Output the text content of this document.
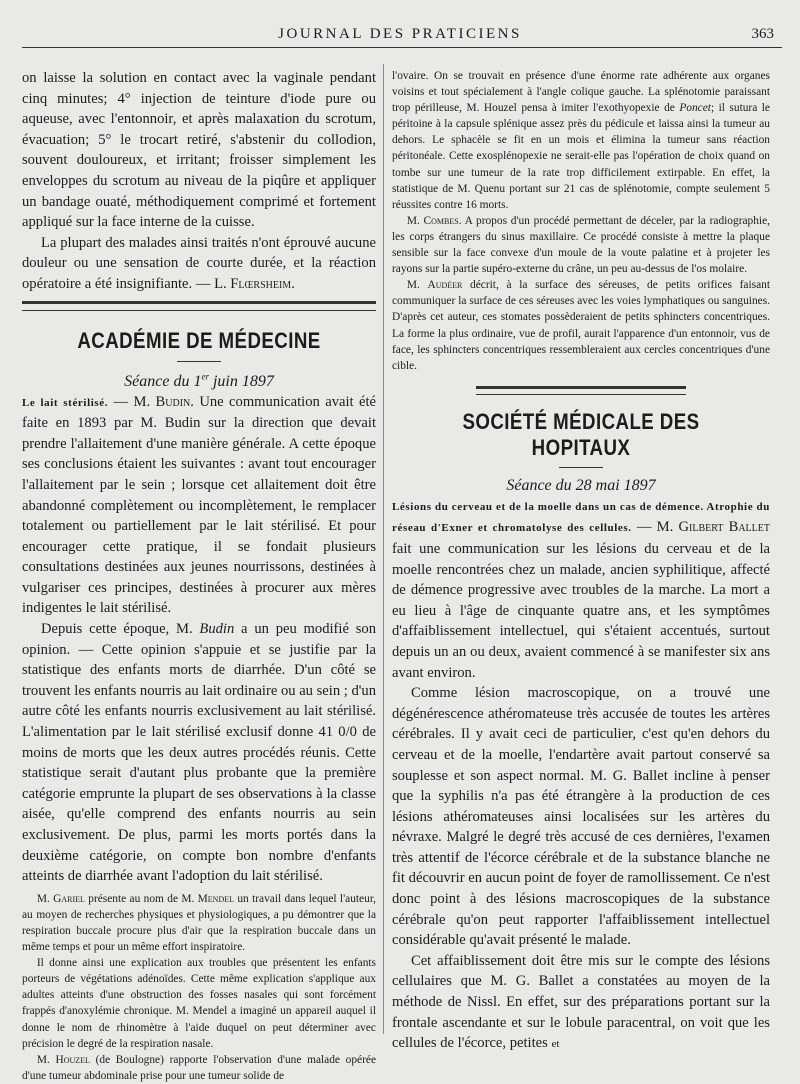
JOURNAL DES PRATICIENS	363

on laisse la solution en contact avec la vaginale pendant cinq minutes; 4° injection de teinture d'iode pure ou aqueuse, avec l'entonnoir, et après malaxation du scrotum, évacuation; 5° le trocart retiré, s'abstenir du collodion, souvent douloureux, et irritant; froisser simplement les enveloppes du scrotum au niveau de la piqûre et appliquer un bandage ouaté, méthodiquement comprimé et fortement appliqué sur la face interne de la cuisse.

La plupart des malades ainsi traités n'ont éprouvé aucune douleur ou une sensation de courte durée, et la réaction opératoire a été insignifiante. — L. Flœrsheim.

ACADÉMIE DE MÉDECINE

Séance du 1er juin 1897

Le lait stérilisé. — M. Budin. Une communication avait été faite en 1893 par M. Budin sur la direction que devait prendre l'allaitement d'une manière générale. A cette époque ses conclusions étaient les suivantes : avant tout encourager l'allaitement par le sein ; lorsque cet allaitement doit être abandonné complètement ou incomplètement, le remplacer totalement ou partiellement par le lait stérilisé. Et pour encourager cette pratique, il se fondait plusieurs consultations destinées aux jeunes nourrissons, destinées à vulgariser ces principes, destinées à procurer aux mères indigentes le lait stérilisé.

Depuis cette époque, M. Budin a un peu modifié son opinion. — Cette opinion s'appuie et se justifie par la statistique des enfants morts de diarrhée. D'un côté se trouvent les enfants nourris au lait ordinaire ou au sein ; d'un autre côté les enfants nourris exclusivement au lait stérilisé. L'alimentation par le lait stérilisé exclusif donne 41 0/0 de moins de morts que les deux autres procédés réunis. Cette statistique serait d'autant plus probante que la première catégorie emprunte la plupart de ses observations à la classe aisée, qu'elle comprend des enfants nourris au sein exclusivement. De plus, parmi les morts portés dans la deuxième catégorie, on compte bon nombre d'enfants atteints de diarrhée avant l'adoption du lait stérilisé.

M. Gariel présente au nom de M. Mendel un travail dans lequel l'auteur, au moyen de recherches physiques et physiologiques, a pu démontrer que la respiration buccale procure plus d'air que la respiration buccale dans un même temps et pour un même effort inspiratoire.

Il donne ainsi une explication aux troubles que présentent les enfants porteurs de végétations adénoïdes. Cette même explication s'applique aux adultes atteints d'une obstruction des fosses nasales qui sont forcément frappés d'anoxylémie chronique. M. Mendel a imaginé un appareil auquel il donne le nom de rhinomètre à l'aide duquel on peut déterminer avec précision le degré de la respiration nasale.

M. Houzel (de Boulogne) rapporte l'observation d'une malade opérée d'une tumeur abdominale prise pour une tumeur solide de

l'ovaire. On se trouvait en présence d'une énorme rate adhérente aux organes voisins et tout spécialement à l'angle colique gauche. La splénotomie paraissant trop périlleuse, M. Houzel pensa à imiter l'exothyopexie de Poncet; il sutura le péritoine à la capsule splénique assez près du pédicule et laissa ainsi la tumeur au dehors. Le sphacèle se fit en un mois et élimina la tumeur sans réaction péritonéale. Cette exosplénopexie ne serait-elle pas l'opération de choix quand on tombe sur une tumeur de la rate trop difficilement extirpable. En effet, la statistique de M. Quenu portant sur 21 cas de splénotomie, compte seulement 5 réussites contre 16 morts.

M. Combes. A propos d'un procédé permettant de déceler, par la radiographie, les corps étrangers du sinus maxillaire. Ce procédé consiste à mettre la plaque sensible sur la face convexe d'un moule de la voute palatine et à projeter les rayons sur la partie supéro-externe du crâne, un peu au-dessus de l'os molaire.

M. Audéer décrit, à la surface des séreuses, de petits orifices faisant communiquer la surface de ces séreuses avec les voies lymphatiques ou sanguines. D'après cet auteur, ces stomates possèderaient de petits sphincters concentriques. La forme la plus ordinaire, vue de profil, aurait l'apparence d'un entonnoir, vus de face, les sphincters concentriques ressembleraient aux cercles concentriques d'une cible.

SOCIÉTÉ MÉDICALE DES HOPITAUX

Séance du 28 mai 1897

Lésions du cerveau et de la moelle dans un cas de démence. Atrophie du réseau d'Exner et chromatolyse des cellules. — M. Gilbert Ballet fait une communication sur les lésions du cerveau et de la moelle rencontrées chez un malade, ancien syphilitique, affecté de démence progressive avec troubles de la marche. La mort a eu lieu à l'âge de cinquante quatre ans, et les symptômes d'affaiblissement intellectuel, qui s'étaient accentués, surtout depuis un an ou deux, avaient commencé à se manifester six ans avant environ.

Comme lésion macroscopique, on a trouvé une dégénérescence athéromateuse très accusée de toutes les artères cérébrales. Il y avait ceci de particulier, c'est qu'en dehors du cerveau et de la moelle, l'endartère avait partout conservé sa souplesse et son aspect normal. M. G. Ballet incline à penser que la syphilis n'a pas été étrangère à la production de ces lésions athéromateuses ainsi localisées sur les artères du névraxe. Malgré le degré très accusé de ces dernières, l'examen très attentif de l'écorce cérébrale et de la substance blanche ne fit découvrir en aucun point de foyer de ramollissement. Ce n'est donc point à des lésions macroscopiques de la substance cérébrale qu'on peut rapporter l'affaiblissement intellectuel considérable qu'avait présenté le malade.

Cet affaiblissement doit être mis sur le compte des lésions cellulaires que M. G. Ballet a constatées au moyen de la méthode de Nissl. En effet, sur des préparations portant sur la frontale ascendante et sur le lobule paracentral, on voit que les cellules de l'écorce, petites et
